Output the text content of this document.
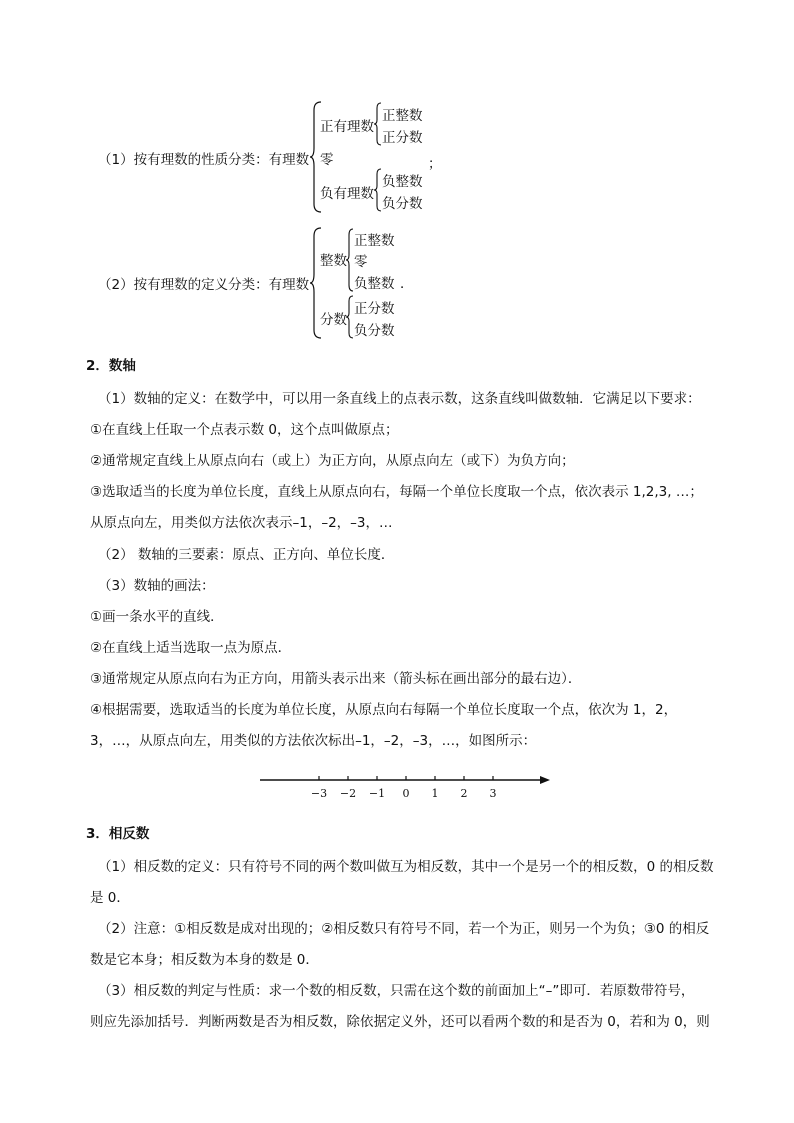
（1）按有理数的性质分类：有理数
正有理数
正整数
正分数
零	；
负有理数
负整数
负分数
（2）按有理数的定义分类：有理数
整数
正整数
零
负整数 ．
分数
正分数
负分数
2．数轴
（1）数轴的定义：在数学中，可以用一条直线上的点表示数，这条直线叫做数轴．它满足以下要求：
①在直线上任取一个点表示数 0，这个点叫做原点；
②通常规定直线上从原点向右（或上）为正方向，从原点向左（或下）为负方向；
③选取适当的长度为单位长度，直线上从原点向右，每隔一个单位长度取一个点，依次表示 1,2,3, …；
从原点向左，用类似方法依次表示–1，–2，–3，…
（2） 数轴的三要素：原点、正方向、单位长度．
（3）数轴的画法：
①画一条水平的直线．
②在直线上适当选取一点为原点．
③通常规定从原点向右为正方向，用箭头表示出来（箭头标在画出部分的最右边）．
④根据需要，选取适当的长度为单位长度，从原点向右每隔一个单位长度取一个点，依次为 1，2，
3，…，从原点向左，用类似的方法依次标出–1，–2，–3，…，如图所示：
−3 −2 −1 0 1 2 3
3．相反数
（1）相反数的定义：只有符号不同的两个数叫做互为相反数，其中一个是另一个的相反数，0 的相反数
是 0．
（2）注意：①相反数是成对出现的；②相反数只有符号不同，若一个为正，则另一个为负；③0 的相反
数是它本身；相反数为本身的数是 0．
（3）相反数的判定与性质：求一个数的相反数，只需在这个数的前面加上“–”即可．若原数带符号，
则应先添加括号．判断两数是否为相反数，除依据定义外，还可以看两个数的和是否为 0，若和为 0，则
